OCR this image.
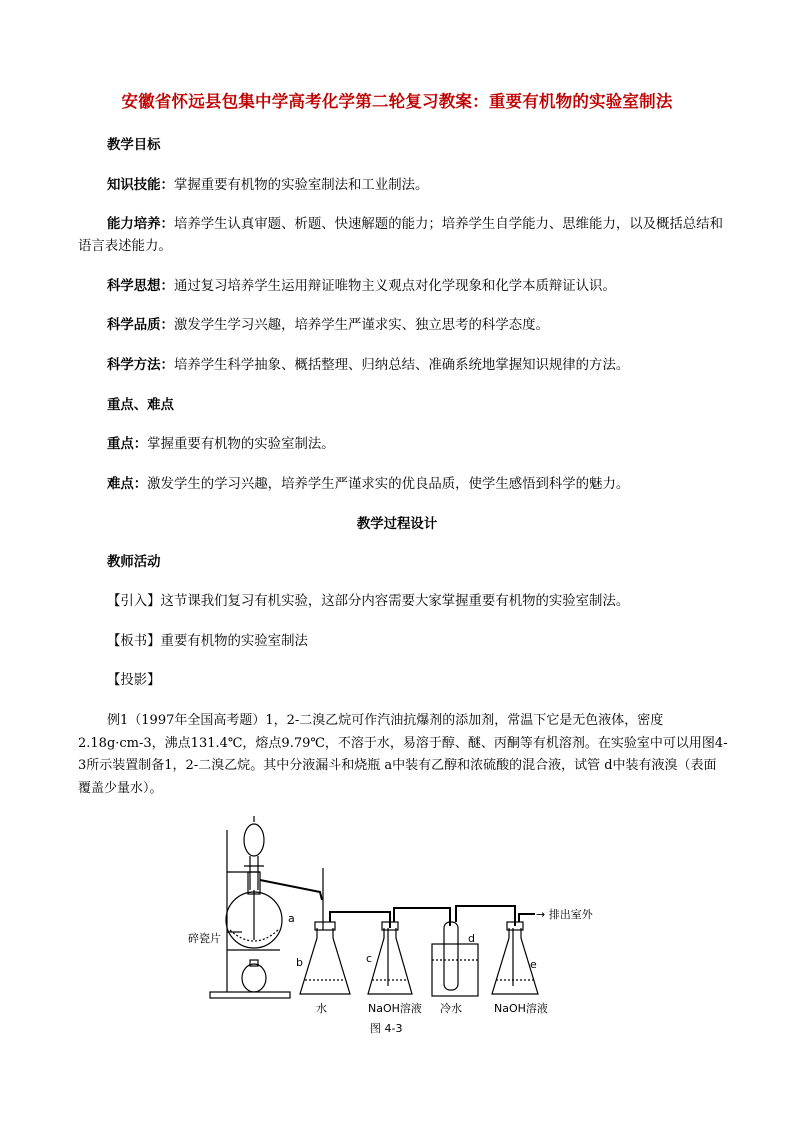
安徽省怀远县包集中学高考化学第二轮复习教案：重要有机物的实验室制法
教学目标
知识技能：掌握重要有机物的实验室制法和工业制法。
能力培养：培养学生认真审题、析题、快速解题的能力；培养学生自学能力、思维能力，以及概括总结和语言表述能力。
科学思想：通过复习培养学生运用辩证唯物主义观点对化学现象和化学本质辩证认识。
科学品质：激发学生学习兴趣，培养学生严谨求实、独立思考的科学态度。
科学方法：培养学生科学抽象、概括整理、归纳总结、准确系统地掌握知识规律的方法。
重点、难点
重点：掌握重要有机物的实验室制法。
难点：激发学生的学习兴趣，培养学生严谨求实的优良品质，使学生感悟到科学的魅力。
教学过程设计
教师活动
【引入】这节课我们复习有机实验，这部分内容需要大家掌握重要有机物的实验室制法。
【板书】重要有机物的实验室制法
【投影】
例1（1997年全国高考题）1，2-二溴乙烷可作汽油抗爆剂的添加剂，常温下它是无色液体，密度2.18g·cm-3，沸点131.4℃，熔点9.79℃，不溶于水，易溶于醇、醚、丙酮等有机溶剂。在实验室中可以用图4-3所示装置制备1，2-二溴乙烷。其中分液漏斗和烧瓶 a中装有乙醇和浓硫酸的混合液，试管 d中装有液溴（表面覆盖少量水）。
碎瓷片
a
b	c
d
e
→ 排出室外
水	NaOH溶液 冷水	NaOH溶液
图 4-3
